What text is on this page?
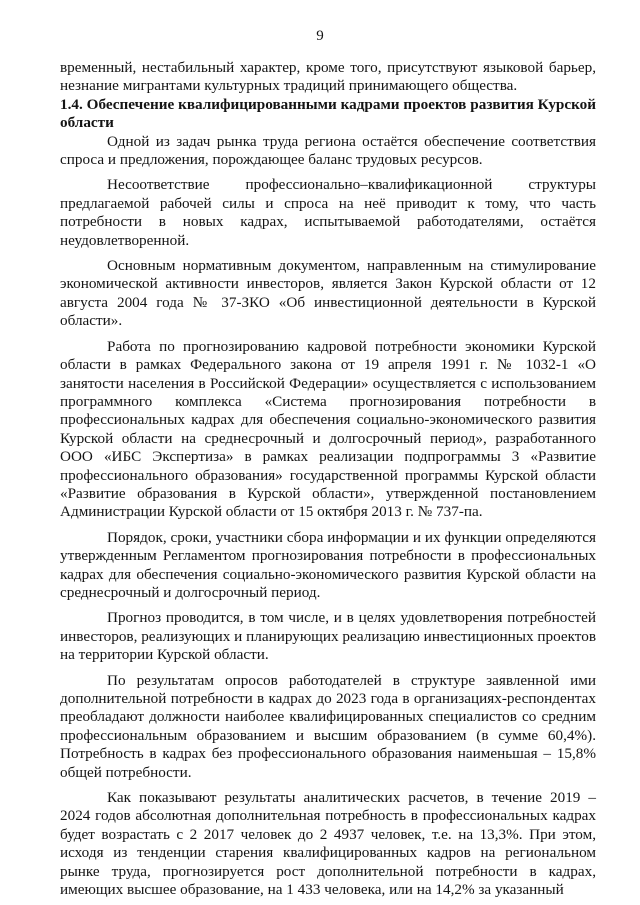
9

временный, нестабильный характер, кроме того, присутствуют языковой барьер, незнание мигрантами культурных традиций принимающего общества.

1.4. Обеспечение квалифицированными кадрами проектов развития Курской области

Одной из задач рынка труда региона остаётся обеспечение соответствия спроса и предложения, порождающее баланс трудовых ресурсов.

Несоответствие профессионально–квалификационной структуры предлагаемой рабочей силы и спроса на неё приводит к тому, что часть потребности в новых кадрах, испытываемой работодателями, остаётся неудовлетворенной.

Основным нормативным документом, направленным на стимулирование экономической активности инвесторов, является Закон Курской области от 12 августа 2004 года № 37-ЗКО «Об инвестиционной деятельности в Курской области».

Работа по прогнозированию кадровой потребности экономики Курской области в рамках Федерального закона от 19 апреля 1991 г. № 1032-1 «О занятости населения в Российской Федерации» осуществляется с использованием программного комплекса «Система прогнозирования потребности в профессиональных кадрах для обеспечения социально-экономического развития Курской области на среднесрочный и долгосрочный период», разработанного ООО «ИБС Экспертиза» в рамках реализации подпрограммы 3 «Развитие профессионального образования» государственной программы Курской области «Развитие образования в Курской области», утвержденной постановлением Администрации Курской области от 15 октября 2013 г. № 737-па.

Порядок, сроки, участники сбора информации и их функции определяются утвержденным Регламентом прогнозирования потребности в профессиональных кадрах для обеспечения социально-экономического развития Курской области на среднесрочный и долгосрочный период.

Прогноз проводится, в том числе, и в целях удовлетворения потребностей инвесторов, реализующих и планирующих реализацию инвестиционных проектов на территории Курской области.

По результатам опросов работодателей в структуре заявленной ими дополнительной потребности в кадрах до 2023 года в организациях-респондентах преобладают должности наиболее квалифицированных специалистов со средним профессиональным образованием и высшим образованием (в сумме 60,4%). Потребность в кадрах без профессионального образования наименьшая – 15,8% общей потребности.

Как показывают результаты аналитических расчетов, в течение 2019 – 2024 годов абсолютная дополнительная потребность в профессиональных кадрах будет возрастать с 2 2017 человек до 2 4937 человек, т.е. на 13,3%. При этом, исходя из тенденции старения квалифицированных кадров на региональном рынке труда, прогнозируется рост дополнительной потребности в кадрах, имеющих высшее образование, на 1 433 человека, или на 14,2% за указанный
